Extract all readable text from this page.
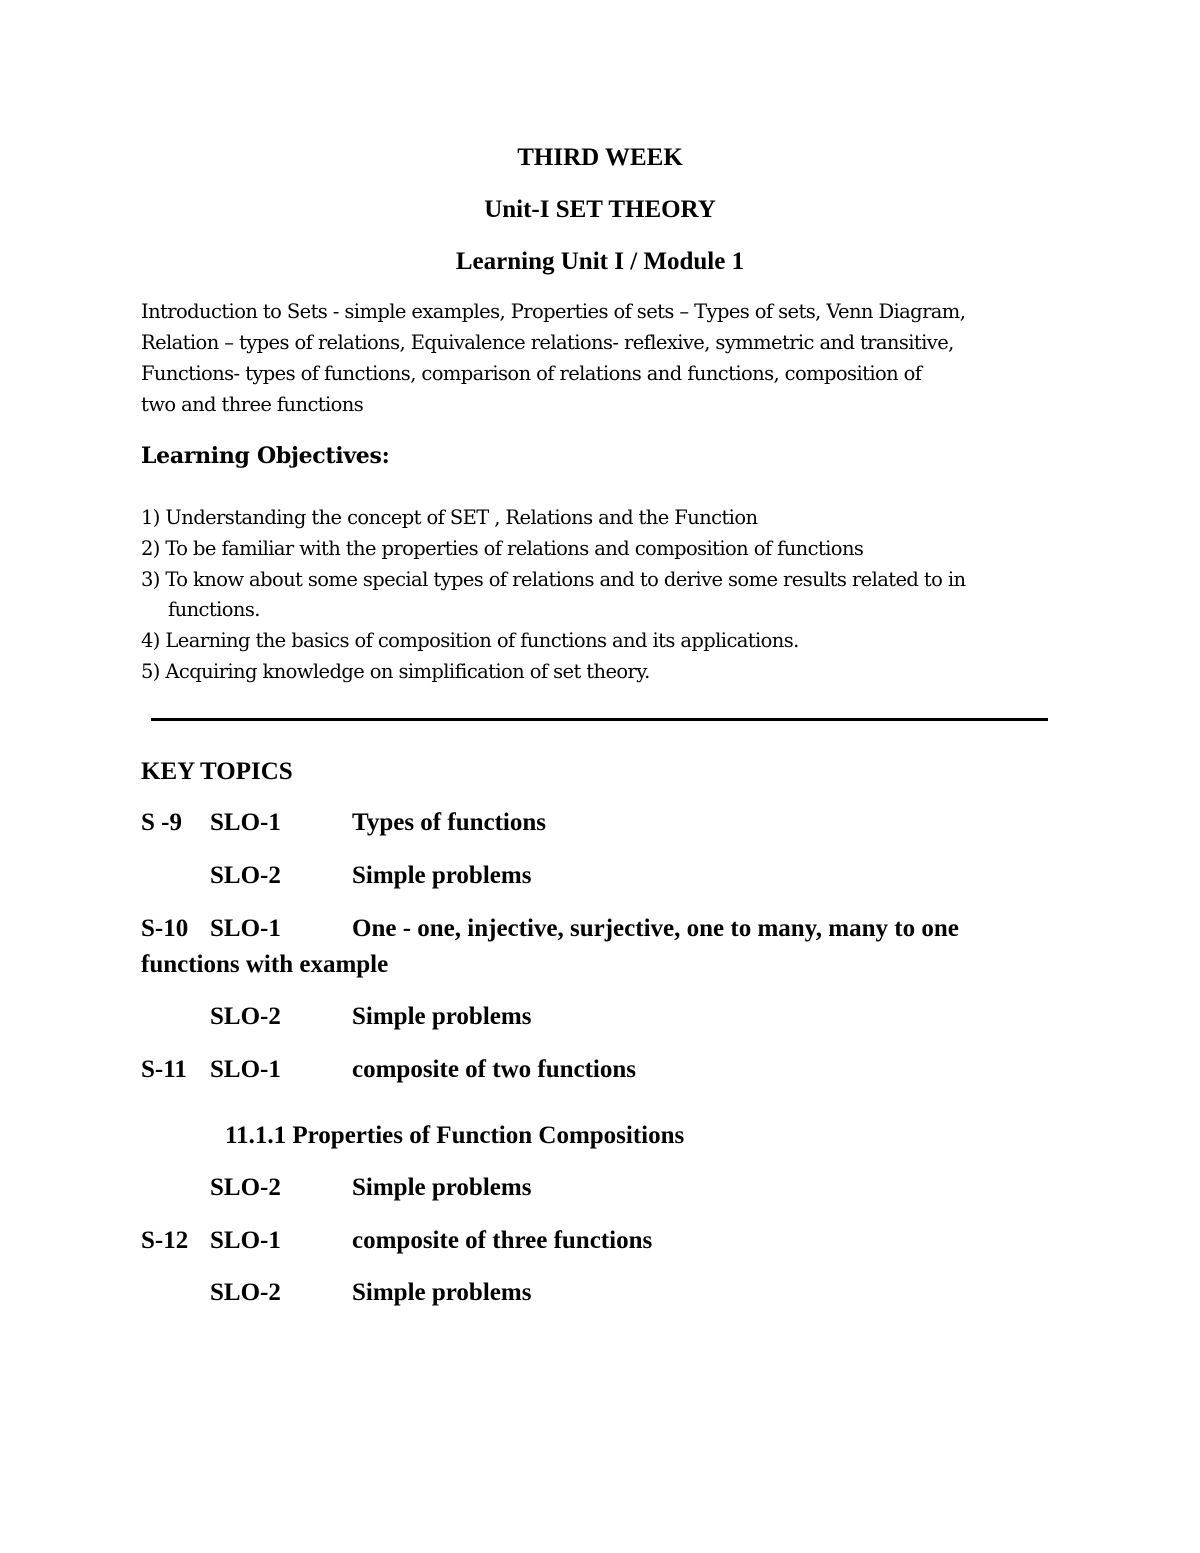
THIRD WEEK
Unit-I SET THEORY
Learning Unit I / Module 1
Introduction to Sets - simple examples, Properties of sets – Types of sets, Venn Diagram,
Relation – types of relations, Equivalence relations- reflexive, symmetric and transitive,
Functions- types of functions, comparison of relations and functions, composition of
two and three functions
Learning Objectives:
1) Understanding the concept of SET , Relations and the Function
2) To be familiar with the properties of relations and composition of functions
3) To know about some special types of relations and to derive some results related to in
functions.
4) Learning the basics of composition of functions and its applications.
5) Acquiring knowledge on simplification of set theory.
KEY TOPICS
S -9 SLO-1	Types of functions
SLO-2	Simple problems
S-10 SLO-1	One - one, injective, surjective, one to many, many to one
functions with example
SLO-2	Simple problems
S-11 SLO-1	composite of two functions
11.1.1 Properties of Function Compositions
SLO-2	Simple problems
S-12 SLO-1	composite of three functions
SLO-2	Simple problems
